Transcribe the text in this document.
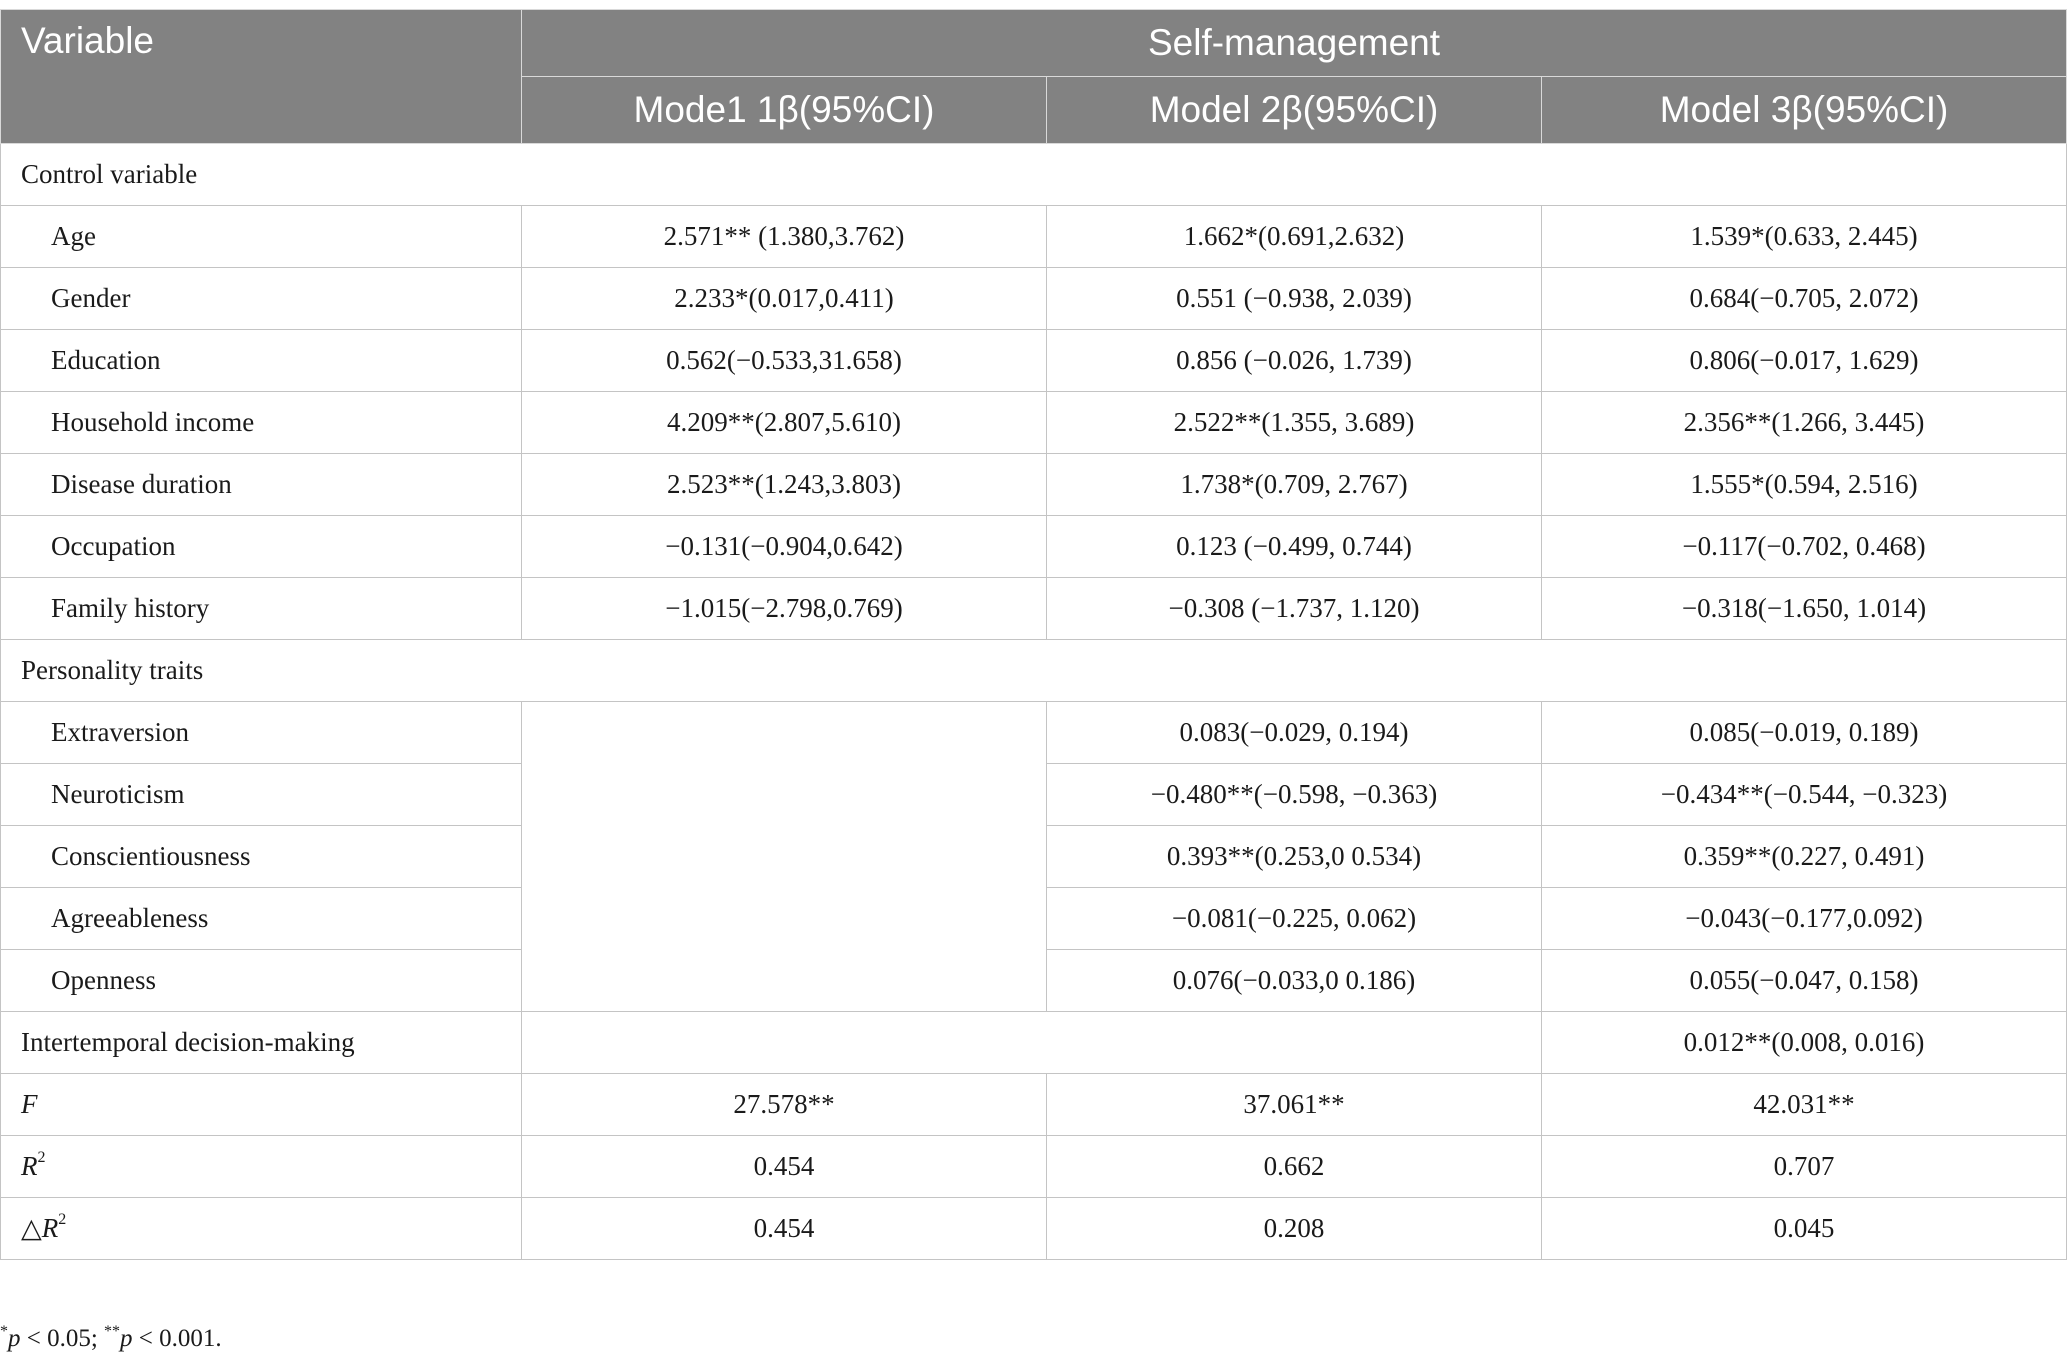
Variable	Self-management		
	Mode1 1β(95%CI)	Model 2β(95%CI)	Model 3β(95%CI)
Control variable			
Age	2.571** (1.380,3.762)	1.662*(0.691,2.632)	1.539*(0.633, 2.445)
Gender	2.233*(0.017,0.411)	0.551 (−0.938, 2.039)	0.684(−0.705, 2.072)
Education	0.562(−0.533,31.658)	0.856 (−0.026, 1.739)	0.806(−0.017, 1.629)
Household income	4.209**(2.807,5.610)	2.522**(1.355, 3.689)	2.356**(1.266, 3.445)
Disease duration	2.523**(1.243,3.803)	1.738*(0.709, 2.767)	1.555*(0.594, 2.516)
Occupation	−0.131(−0.904,0.642)	0.123 (−0.499, 0.744)	−0.117(−0.702, 0.468)
Family history	−1.015(−2.798,0.769)	−0.308 (−1.737, 1.120)	−0.318(−1.650, 1.014)
Personality traits			
Extraversion		0.083(−0.029, 0.194)	0.085(−0.019, 0.189)
Neuroticism		−0.480**(−0.598, −0.363)	−0.434**(−0.544, −0.323)
Conscientiousness		0.393**(0.253,0 0.534)	0.359**(0.227, 0.491)
Agreeableness		−0.081(−0.225, 0.062)	−0.043(−0.177,0.092)
Openness		0.076(−0.033,0 0.186)	0.055(−0.047, 0.158)
Intertemporal decision-making			0.012**(0.008, 0.016)
F	27.578**	37.061**	42.031**
$R^2$	0.454	0.662	0.707
$\triangle R^2$	0.454	0.208	0.045
*p < 0.05; **p < 0.001.
